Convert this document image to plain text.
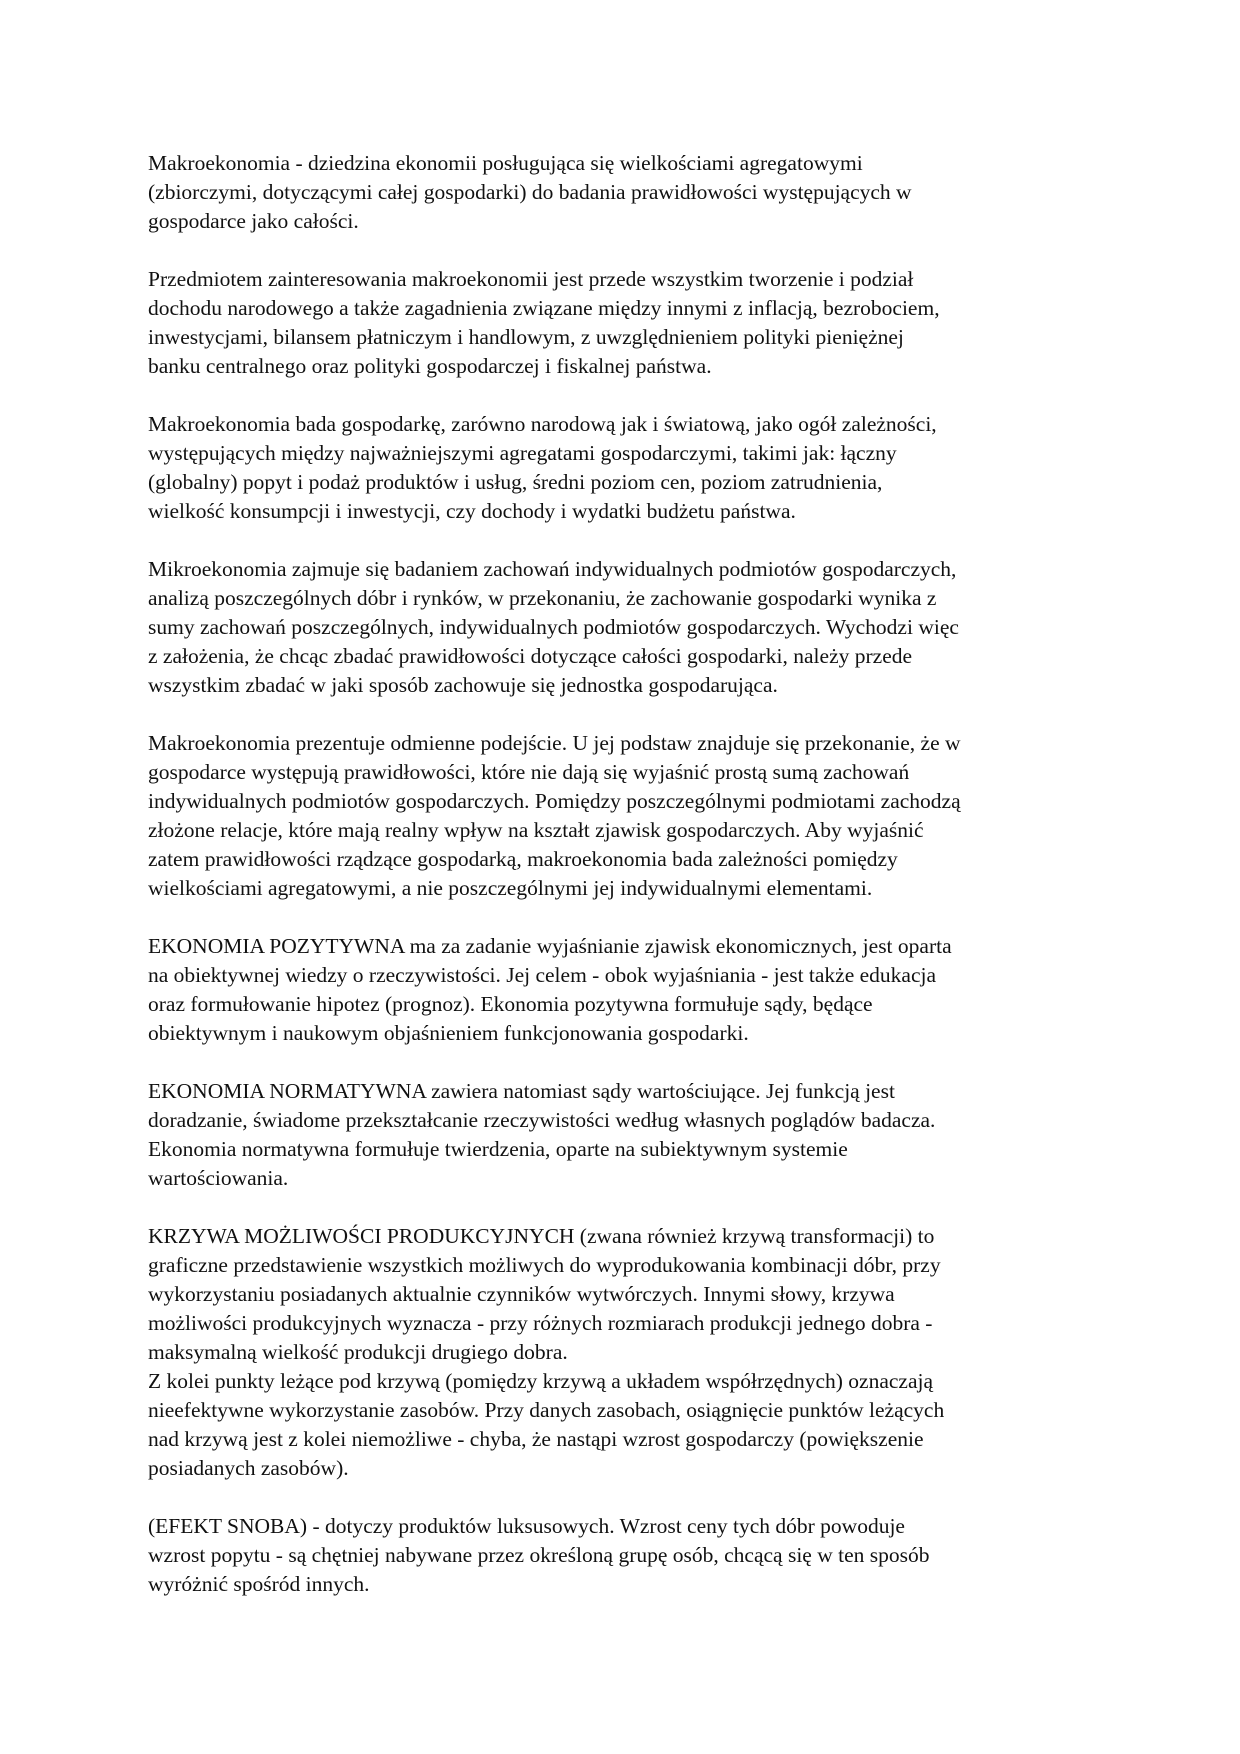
Makroekonomia - dziedzina ekonomii posługująca się wielkościami agregatowymi
(zbiorczymi, dotyczącymi całej gospodarki) do badania prawidłowości występujących w
gospodarce jako całości.
Przedmiotem zainteresowania makroekonomii jest przede wszystkim tworzenie i podział
dochodu narodowego a także zagadnienia związane między innymi z inflacją, bezrobociem,
inwestycjami, bilansem płatniczym i handlowym, z uwzględnieniem polityki pieniężnej
banku centralnego oraz polityki gospodarczej i fiskalnej państwa.
Makroekonomia bada gospodarkę, zarówno narodową jak i światową, jako ogół zależności,
występujących między najważniejszymi agregatami gospodarczymi, takimi jak: łączny
(globalny) popyt i podaż produktów i usług, średni poziom cen, poziom zatrudnienia,
wielkość konsumpcji i inwestycji, czy dochody i wydatki budżetu państwa.
Mikroekonomia zajmuje się badaniem zachowań indywidualnych podmiotów gospodarczych,
analizą poszczególnych dóbr i rynków, w przekonaniu, że zachowanie gospodarki wynika z
sumy zachowań poszczególnych, indywidualnych podmiotów gospodarczych. Wychodzi więc
z założenia, że chcąc zbadać prawidłowości dotyczące całości gospodarki, należy przede
wszystkim zbadać w jaki sposób zachowuje się jednostka gospodarująca.
Makroekonomia prezentuje odmienne podejście. U jej podstaw znajduje się przekonanie, że w
gospodarce występują prawidłowości, które nie dają się wyjaśnić prostą sumą zachowań
indywidualnych podmiotów gospodarczych. Pomiędzy poszczególnymi podmiotami zachodzą
złożone relacje, które mają realny wpływ na kształt zjawisk gospodarczych. Aby wyjaśnić
zatem prawidłowości rządzące gospodarką, makroekonomia bada zależności pomiędzy
wielkościami agregatowymi, a nie poszczególnymi jej indywidualnymi elementami.
EKONOMIA POZYTYWNA ma za zadanie wyjaśnianie zjawisk ekonomicznych, jest oparta
na obiektywnej wiedzy o rzeczywistości. Jej celem - obok wyjaśniania - jest także edukacja
oraz formułowanie hipotez (prognoz). Ekonomia pozytywna formułuje sądy, będące
obiektywnym i naukowym objaśnieniem funkcjonowania gospodarki.
EKONOMIA NORMATYWNA zawiera natomiast sądy wartościujące. Jej funkcją jest
doradzanie, świadome przekształcanie rzeczywistości według własnych poglądów badacza.
Ekonomia normatywna formułuje twierdzenia, oparte na subiektywnym systemie
wartościowania.
KRZYWA MOŻLIWOŚCI PRODUKCYJNYCH (zwana również krzywą transformacji) to
graficzne przedstawienie wszystkich możliwych do wyprodukowania kombinacji dóbr, przy
wykorzystaniu posiadanych aktualnie czynników wytwórczych. Innymi słowy, krzywa
możliwości produkcyjnych wyznacza - przy różnych rozmiarach produkcji jednego dobra -
maksymalną wielkość produkcji drugiego dobra.
Z kolei punkty leżące pod krzywą (pomiędzy krzywą a układem współrzędnych) oznaczają
nieefektywne wykorzystanie zasobów. Przy danych zasobach, osiągnięcie punktów leżących
nad krzywą jest z kolei niemożliwe - chyba, że nastąpi wzrost gospodarczy (powiększenie
posiadanych zasobów).
(EFEKT SNOBA) - dotyczy produktów luksusowych. Wzrost ceny tych dóbr powoduje
wzrost popytu - są chętniej nabywane przez określoną grupę osób, chcącą się w ten sposób
wyróżnić spośród innych.
